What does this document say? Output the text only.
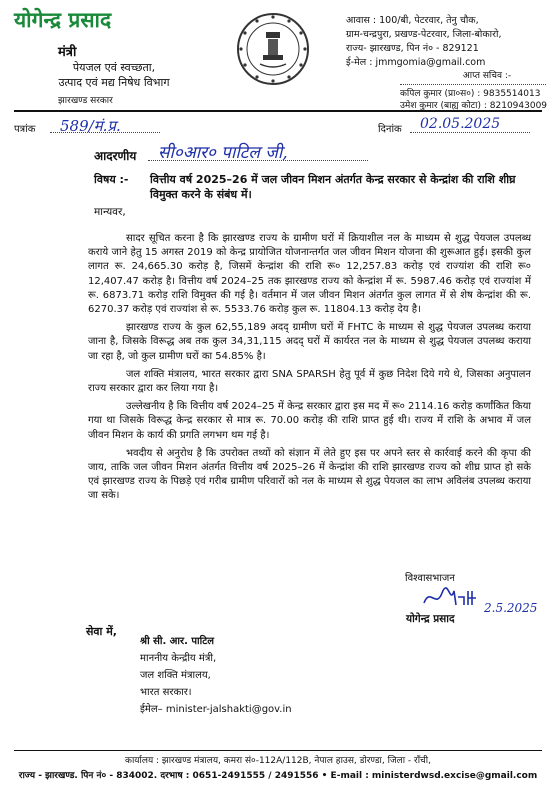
योगेन्द्र प्रसाद
मंत्री
पेयजल एवं स्वच्छता,
उत्पाद एवं मद्य निषेध विभाग
झारखण्ड सरकार
आवास : 100/बी, पेटरवार, तेनु चौक,
ग्राम-चन्द्रपुरा, प्रखण्ड-पेटरवार, जिला-बोकारो,
राज्य- झारखण्ड, पिन नं० - 829121
ई-मेल : jmmgomia@gmail.com
आप्त सचिव :-
कपिल कुमार (प्रा०स०) : 9835514013
उमेश कुमार (बाह्य कोटा) : 8210943009
पत्रांक 589/मं.प्र.	दिनांक 02.05.2025
आदरणीय सी०आर० पाटिल जी,
विषय :- वित्तीय वर्ष 2025–26 में जल जीवन मिशन अंतर्गत केन्द्र सरकार से केन्द्रांश की राशि शीघ्र विमुक्त करने के संबंध में।
मान्यवर,

सादर सूचित करना है कि झारखण्ड राज्य के ग्रामीण घरों में क्रियाशील नल के माध्यम से शुद्ध पेयजल उपलब्ध कराये जाने हेतु 15 अगस्त 2019 को केन्द्र प्रायोजित योजनान्तर्गत जल जीवन मिशन योजना की शुरूआत हुई। इसकी कुल लागत रू. 24,665.30 करोड़ है, जिसमें केन्द्रांश की राशि रू० 12,257.83 करोड़ एवं राज्यांश की राशि रू० 12,407.47 करोड़ है। वित्तीय वर्ष 2024–25 तक झारखण्ड राज्य को केन्द्रांश में रू. 5987.46 करोड़ एवं राज्यांश में रू. 6873.71 करोड़ राशि विमुक्त की गई है। वर्तमान में जल जीवन मिशन अंतर्गत कुल लागत में से शेष केन्द्रांश की रू. 6270.37 करोड़ एवं राज्यांश से रू. 5533.76 करोड़ कुल रू. 11804.13 करोड़ देय है।

झारखण्ड राज्य के कुल 62,55,189 अदद् ग्रामीण घरों में FHTC के माध्यम से शुद्ध पेयजल उपलब्ध कराया जाना है, जिसके विरूद्ध अब तक कुल 34,31,115 अदद् घरों में कार्यरत नल के माध्यम से शुद्ध पेयजल उपलब्ध कराया जा रहा है, जो कुल ग्रामीण घरों का 54.85% है।

जल शक्ति मंत्रालय, भारत सरकार द्वारा SNA SPARSH हेतु पूर्व में कुछ निदेश दिये गये थे, जिसका अनुपालन राज्य सरकार द्वारा कर लिया गया है।

उल्लेखनीय है कि वित्तीय वर्ष 2024–25 में केन्द्र सरकार द्वारा इस मद में रू० 2114.16 करोड़ कर्णांकित किया गया था जिसके विरूद्ध केन्द्र सरकार से मात्र रू. 70.00 करोड़ की राशि प्राप्त हुई थी। राज्य में राशि के अभाव में जल जीवन मिशन के कार्य की प्रगति लगभग थम गई है।

भवदीय से अनुरोध है कि उपरोक्त तथ्यों को संज्ञान में लेते हुए इस पर अपने स्तर से कार्रवाई करने की कृपा की जाय, ताकि जल जीवन मिशन अंतर्गत वित्तीय वर्ष 2025–26 में केन्द्रांश की राशि झारखण्ड राज्य को शीघ्र प्राप्त हो सके एवं झारखण्ड राज्य के पिछड़े एवं गरीब ग्रामीण परिवारों को नल के माध्यम से शुद्ध पेयजल का लाभ अविलंब उपलब्ध कराया जा सके।

विश्वासभाजन
2.5.2025
योगेन्द्र प्रसाद
सेवा में,
श्री सी. आर. पाटिल
माननीय केन्द्रीय मंत्री,
जल शक्ति मंत्रालय,
भारत सरकार।
ईमेल– minister-jalshakti@gov.in
कार्यालय : झारखण्ड मंत्रालय, कमरा सं०-112A/112B, नेपाल हाउस, डोरण्डा, जिला - राँची,
राज्य - झारखण्ड. पिन नं० - 834002. दरभाष : 0651-2491555 / 2491556 • E-mail : ministerdwsd.excise@gmail.com
